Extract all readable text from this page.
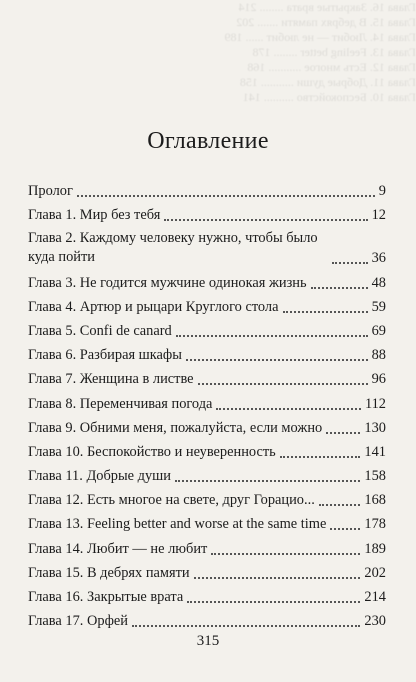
Глава 16. Закрытые врата ........ 214
Глава 15. В дебрях памяти ....... 202
Глава 14. Любит — не любит ...... 189
Глава 13. Feeling better ........ 178
Глава 12. Есть многое ........... 168
Глава 11. Добрые души ........... 158
Глава 10. Беспокойство .......... 141
Оглавление
Пролог	9
Глава 1. Мир без тебя	12
Глава 2. Каждому человеку нужно, чтобы было куда пойти	36
Глава 3. Не годится мужчине одинокая жизнь	48
Глава 4. Артюр и рыцари Круглого стола	59
Глава 5. Confi de canard	69
Глава 6. Разбирая шкафы	88
Глава 7. Женщина в листве	96
Глава 8. Переменчивая погода	112
Глава 9. Обними меня, пожалуйста, если можно	130
Глава 10. Беспокойство и неуверенность	141
Глава 11. Добрые души	158
Глава 12. Есть многое на свете, друг Горацио...	168
Глава 13. Feeling better and worse at the same time	178
Глава 14. Любит — не любит	189
Глава 15. В дебрях памяти	202
Глава 16. Закрытые врата	214
Глава 17. Орфей	230
315
